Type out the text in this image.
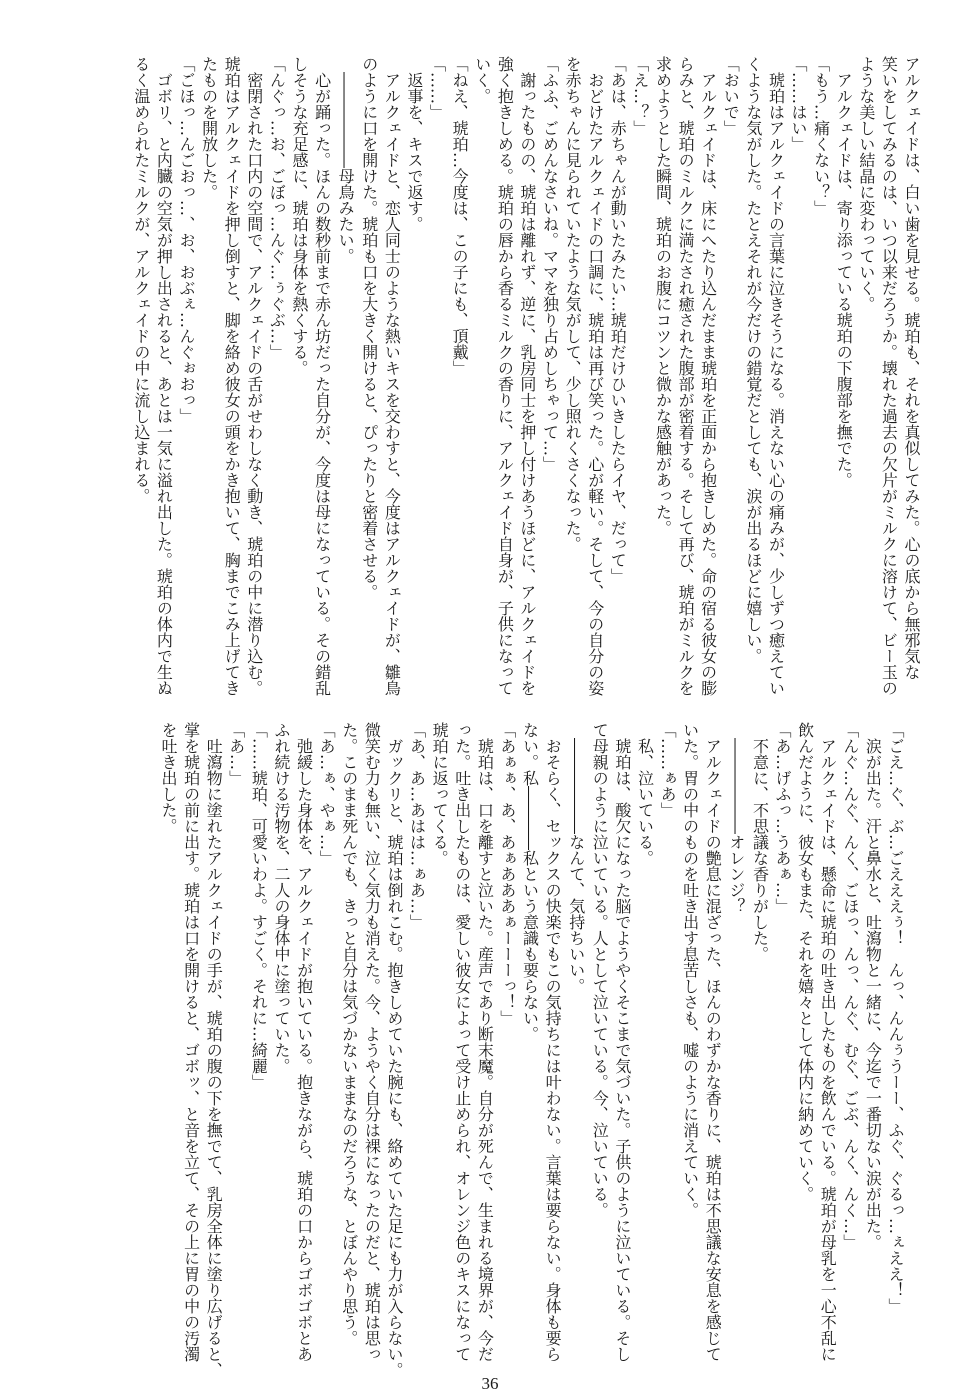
アルクェイドは、白い歯を見せる。琥珀も、それを真似してみた。心の底から無邪気な
笑いをしてみるのは、いつ以来だろうか。壊れた過去の欠片がミルクに溶けて、ビー玉の
ような美しい結晶に変わっていく。
　アルクェイドは、寄り添っている琥珀の下腹部を撫でた。
「もう…痛くない？」
「……はい」
　琥珀はアルクェイドの言葉に泣きそうになる。消えない心の痛みが、少しずつ癒えてい
くような気がした。たとえそれが今だけの錯覚だとしても、涙が出るほどに嬉しい。
「おいで」
　アルクェイドは、床にへたり込んだまま琥珀を正面から抱きしめた。命の宿る彼女の膨
らみと、琥珀のミルクに満たされ癒された腹部が密着する。そして再び、琥珀がミルクを
求めようとした瞬間、琥珀のお腹にコツンと微かな感触があった。
「え…？」
「あは、赤ちゃんが動いたみたい…琥珀だけひいきしたらイヤ、だって」
　おどけたアルクェイドの口調に、琥珀は再び笑った。心が軽い。そして、今の自分の姿
を赤ちゃんに見られていたような気がして、少し照れくさくなった。
「ふふ、ごめんなさいね。ママを独り占めしちゃって…」
　謝ったものの、琥珀は離れず、逆に、乳房同士を押し付けあうほどに、アルクェイドを
強く抱きしめる。琥珀の唇から香るミルクの香りに、アルクェイド自身が、子供になって
いく。
「ねえ、琥珀…今度は、この子にも、頂戴」
「……」
　返事を、キスで返す。
　アルクェイドと、恋人同士のような熱いキスを交わすと、今度はアルクェイドが、雛鳥
のように口を開けた。琥珀も口を大きく開けると、ぴったりと密着させる。
　――――――母鳥みたい。
　心が踊った。ほんの数秒前まで赤ん坊だった自分が、今度は母になっている。その錯乱
しそうな充足感に、琥珀は身体を熱くする。
「んぐっ…お、ごぼっ…んぐ…ぅぐぶ…」
　密閉された口内の空間で、アルクェイドの舌がせわしなく動き、琥珀の中に潜り込む。
琥珀はアルクェイドを押し倒すと、脚を絡め彼女の頭をかき抱いて、胸までこみ上げてき
たものを開放した。
「ごほっ…んごおっ…、お、おぶぇ…んぐぉおっ」
　ゴボリ、と内臓の空気が押し出されると、あとは一気に溢れ出した。琥珀の体内で生ぬ
るく温められたミルクが、アルクェイドの中に流し込まれる。
「ごえ…ぐ、ぶ…ごえええぅ！　んっ、んんぅうーー、ふぐ、ぐるっ…ぇええ！」
　涙が出た。汗と鼻水と、吐瀉物と一緒に、今迄で一番切ない涙が出た。
「んぐ…んぐ、んく、ごほっ、んっ、んぐ、むぐ、ごぶ、んく、んく…」
　アルクェイドは、懸命に琥珀の吐き出したものを飲んでいる。琥珀が母乳を一心不乱に
飲んだように、彼女もまた、それを嬉々として体内に納めていく。
「あ…げふっ…うあぁ…」
　不意に、不思議な香りがした。
　――――――オレンジ？
　アルクェイドの艶息に混ざった、ほんのわずかな香りに、琥珀は不思議な安息を感じて
いた。胃の中のものを吐き出す息苦しさも、嘘のように消えていく。
「……ぁあ」
　私、泣いている。
　琥珀は、酸欠になった脳でようやくそこまで気づいた。子供のように泣いている。そし
て母親のように泣いている。人として泣いている。今、泣いている。
　――――――なんて、気持ちいい。
　おそらく、セックスの快楽でもこの気持ちには叶わない。言葉は要らない。身体も要ら
ない。私――――私という意識も要らない。
「あぁぁ、あ、あぁあああぁーーーっ！」
　琥珀は、口を離すと泣いた。産声であり断末魔。自分が死んで、生まれる境界が、今だ
った。吐き出したものは、愛しい彼女によって受け止められ、オレンジ色のキスになって
琥珀に返ってくる。
「あ、あ…あはは…ぁあ…」
　ガックリと、琥珀は倒れこむ。抱きしめていた腕にも、絡めていた足にも力が入らない。
微笑む力も無い、泣く気力も消えた。今、ようやく自分は裸になったのだと、琥珀は思っ
た。このまま死んでも、きっと自分は気づかないままなのだろうな、とぼんやり思う。
「あ…ぁ、やぁ…」
　弛緩した身体を、アルクェイドが抱いている。抱きながら、琥珀の口からゴボゴボとあ
ふれ続ける汚物を、二人の身体中に塗っていた。
「……琥珀、可愛いわよ。すごく。それに…綺麗」
「あ…」
　吐瀉物に塗れたアルクェイドの手が、琥珀の腹の下を撫でて、乳房全体に塗り広げると、
掌を琥珀の前に出す。琥珀は口を開けると、ゴボッ、と音を立て、その上に胃の中の汚濁
を吐き出した。
36
